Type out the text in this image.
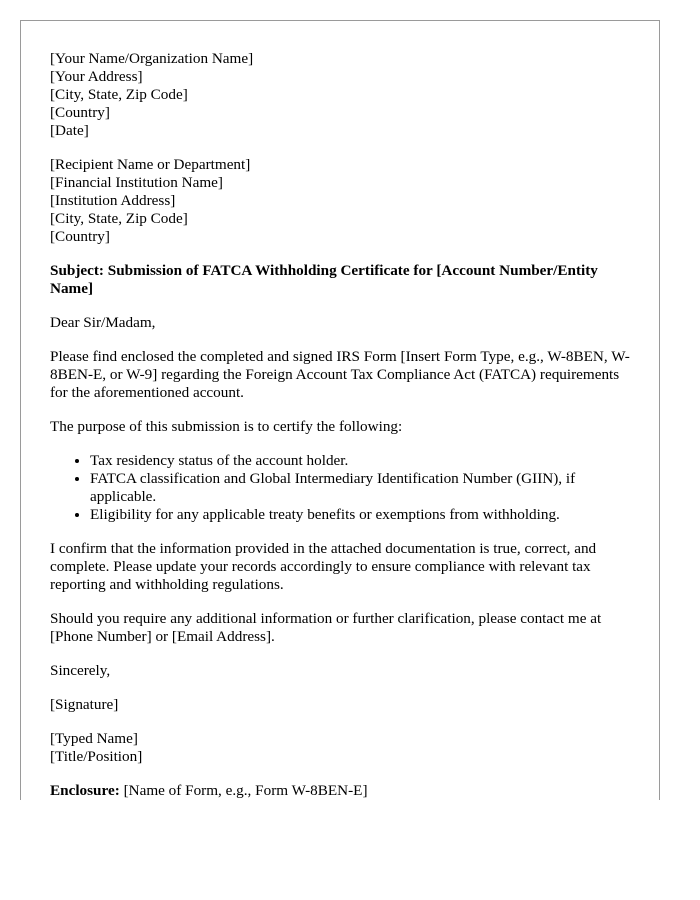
[Your Name/Organization Name]
[Your Address]
[City, State, Zip Code]
[Country]
[Date]
[Recipient Name or Department]
[Financial Institution Name]
[Institution Address]
[City, State, Zip Code]
[Country]

Subject: Submission of FATCA Withholding Certificate for [Account Number/Entity Name]

Dear Sir/Madam,

Please find enclosed the completed and signed IRS Form [Insert Form Type, e.g., W-8BEN, W-8BEN-E, or W-9] regarding the Foreign Account Tax Compliance Act (FATCA) requirements for the aforementioned account.

The purpose of this submission is to certify the following:

• Tax residency status of the account holder.
• FATCA classification and Global Intermediary Identification Number (GIIN), if applicable.
• Eligibility for any applicable treaty benefits or exemptions from withholding.

I confirm that the information provided in the attached documentation is true, correct, and complete. Please update your records accordingly to ensure compliance with relevant tax reporting and withholding regulations.

Should you require any additional information or further clarification, please contact me at [Phone Number] or [Email Address].

Sincerely,

[Signature]

[Typed Name]
[Title/Position]

Enclosure: [Name of Form, e.g., Form W-8BEN-E]
